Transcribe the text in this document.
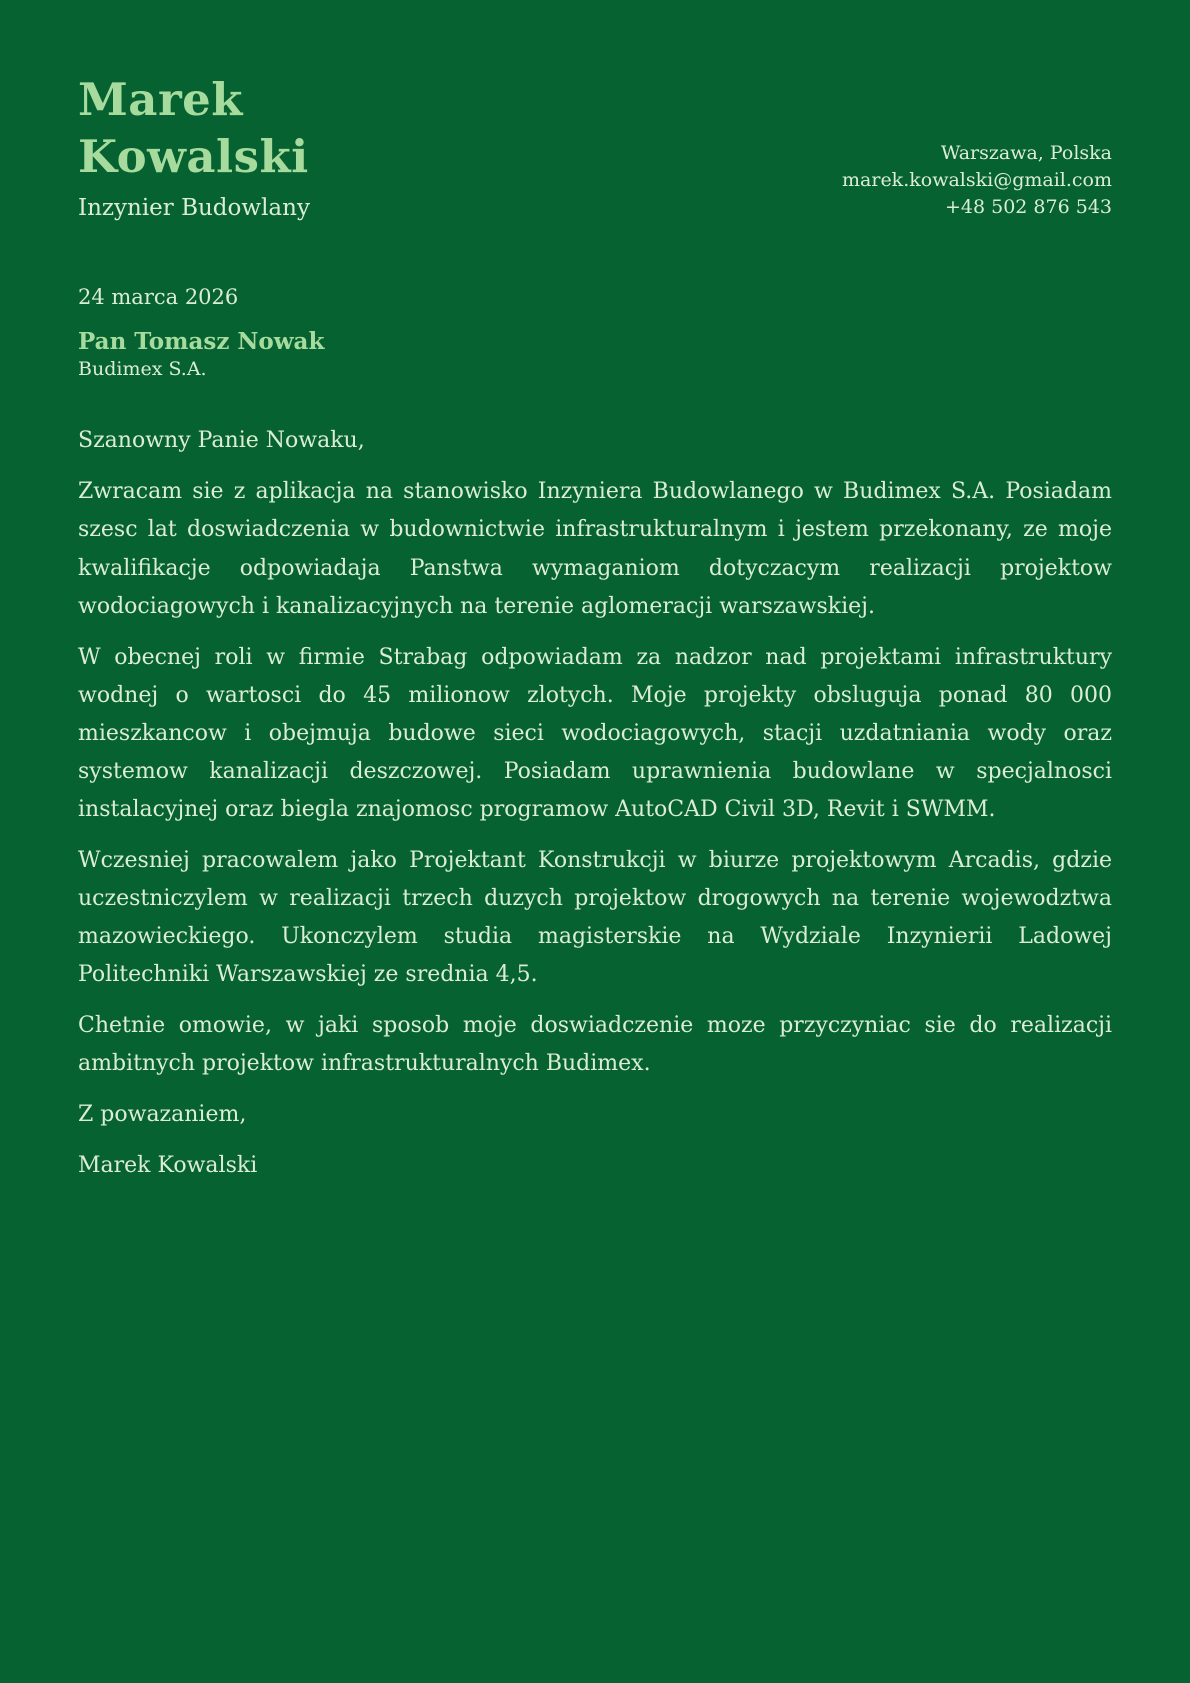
Marek
Kowalski
Inzynier Budowlany
Warszawa, Polska
marek.kowalski@gmail.com
+48 502 876 543
24 marca 2026
Pan Tomasz Nowak
Budimex S.A.

Szanowny Panie Nowaku,

Zwracam sie z aplikacja na stanowisko Inzyniera Budowlanego w Budimex S.A. Posiadam szesc lat doswiadczenia w budownictwie infrastrukturalnym i jestem przekonany, ze moje kwalifikacje odpowiadaja Panstwa wymaganiom dotyczacym realizacji projektow wodociagowych i kanalizacyjnych na terenie aglomeracji warszawskiej.

W obecnej roli w firmie Strabag odpowiadam za nadzor nad projektami infrastruktury wodnej o wartosci do 45 milionow zlotych. Moje projekty obsluguja ponad 80 000 mieszkancow i obejmuja budowe sieci wodociagowych, stacji uzdatniania wody oraz systemow kanalizacji deszczowej. Posiadam uprawnienia budowlane w specjalnosci instalacyjnej oraz biegla znajomosc programow AutoCAD Civil 3D, Revit i SWMM.

Wczesniej pracowalem jako Projektant Konstrukcji w biurze projektowym Arcadis, gdzie uczestniczylem w realizacji trzech duzych projektow drogowych na terenie wojewodztwa mazowieckiego. Ukonczylem studia magisterskie na Wydziale Inzynierii Ladowej Politechniki Warszawskiej ze srednia 4,5.

Chetnie omowie, w jaki sposob moje doswiadczenie moze przyczyniac sie do realizacji ambitnych projektow infrastrukturalnych Budimex.

Z powazaniem,

Marek Kowalski
